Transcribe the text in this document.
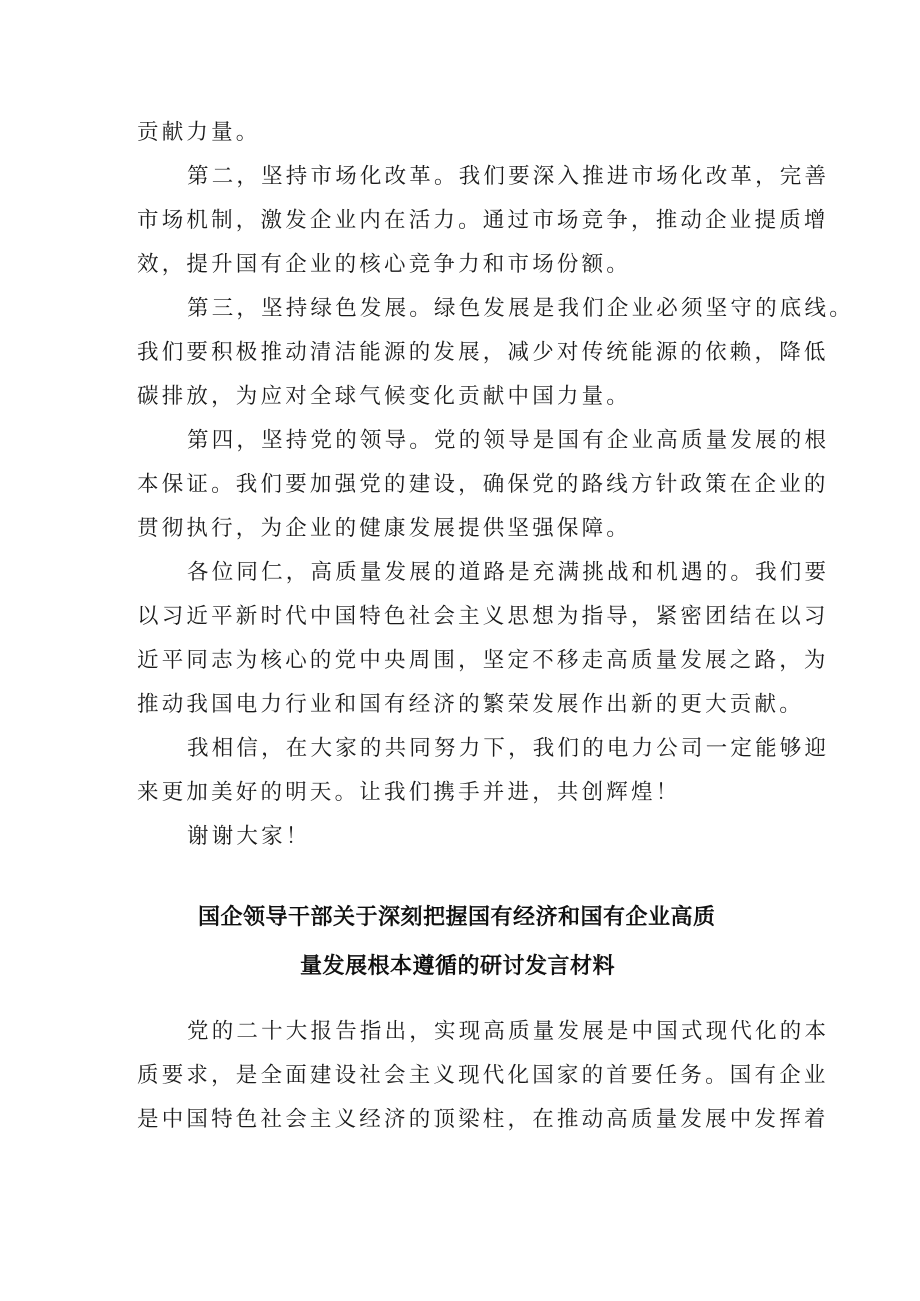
贡献力量。
第二，坚持市场化改革。我们要深入推进市场化改革，完善
市场机制，激发企业内在活力。通过市场竞争，推动企业提质增
效，提升国有企业的核心竞争力和市场份额。
第三，坚持绿色发展。绿色发展是我们企业必须坚守的底线。
我们要积极推动清洁能源的发展，减少对传统能源的依赖，降低
碳排放，为应对全球气候变化贡献中国力量。
第四，坚持党的领导。党的领导是国有企业高质量发展的根
本保证。我们要加强党的建设，确保党的路线方针政策在企业的
贯彻执行，为企业的健康发展提供坚强保障。
各位同仁，高质量发展的道路是充满挑战和机遇的。我们要
以习近平新时代中国特色社会主义思想为指导，紧密团结在以习
近平同志为核心的党中央周围，坚定不移走高质量发展之路，为
推动我国电力行业和国有经济的繁荣发展作出新的更大贡献。
我相信，在大家的共同努力下，我们的电力公司一定能够迎
来更加美好的明天。让我们携手并进，共创辉煌！
谢谢大家！
国企领导干部关于深刻把握国有经济和国有企业高质
量发展根本遵循的研讨发言材料
党的二十大报告指出，实现高质量发展是中国式现代化的本
质要求，是全面建设社会主义现代化国家的首要任务。国有企业
是中国特色社会主义经济的顶梁柱，在推动高质量发展中发挥着
